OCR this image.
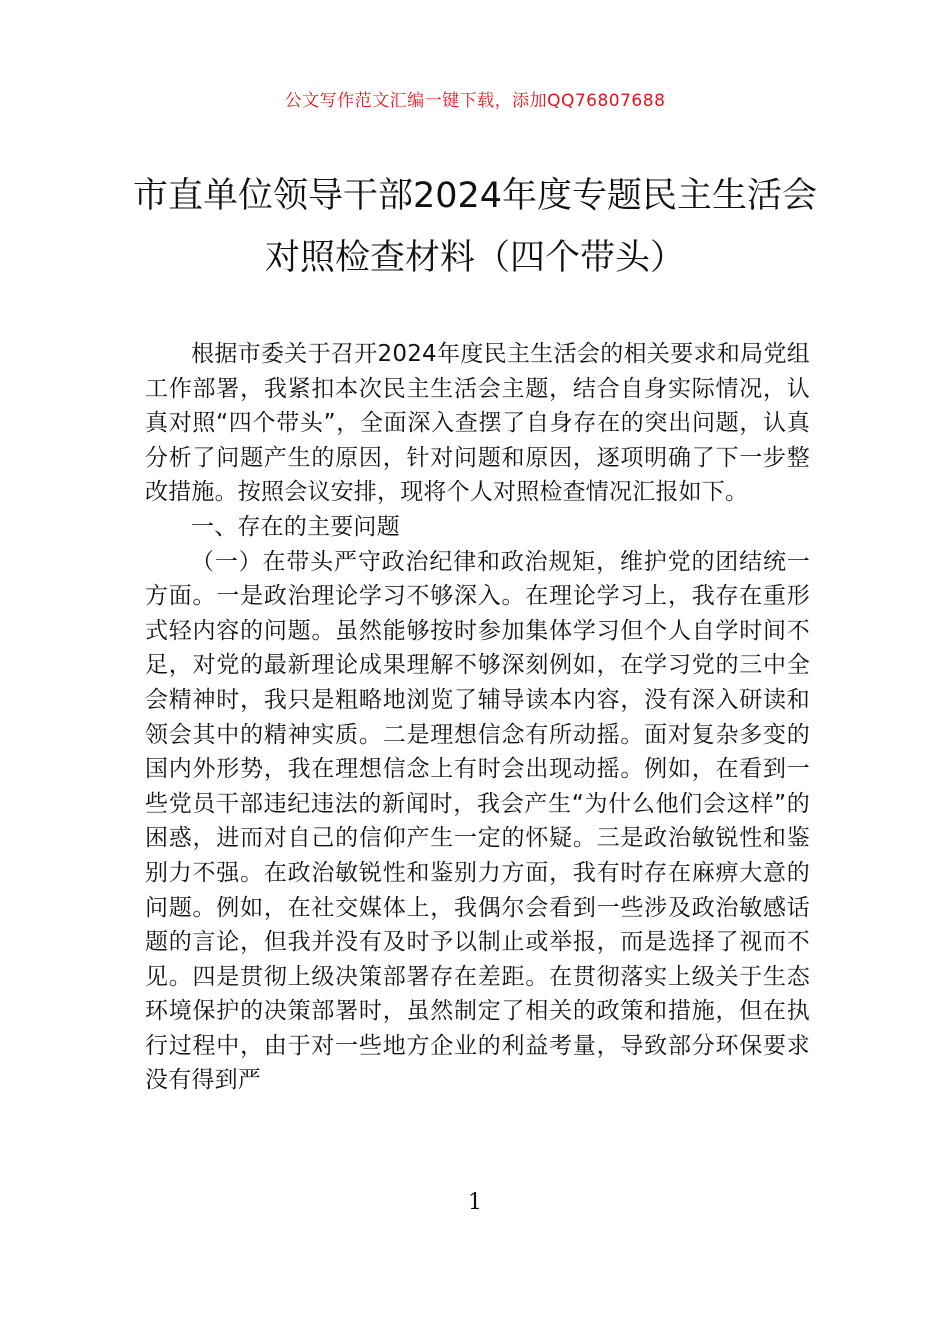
公文写作范文汇编一键下载，添加QQ76807688
市直单位领导干部2024年度专题民主生活会对照检查材料（四个带头）

根据市委关于召开2024年度民主生活会的相关要求和局党组工作部署，我紧扣本次民主生活会主题，结合自身实际情况，认真对照“四个带头”，全面深入查摆了自身存在的突出问题，认真分析了问题产生的原因，针对问题和原因，逐项明确了下一步整改措施。按照会议安排，现将个人对照检查情况汇报如下。

一、存在的主要问题

（一）在带头严守政治纪律和政治规矩，维护党的团结统一方面。一是政治理论学习不够深入。在理论学习上，我存在重形式轻内容的问题。虽然能够按时参加集体学习但个人自学时间不足，对党的最新理论成果理解不够深刻例如，在学习党的三中全会精神时，我只是粗略地浏览了辅导读本内容，没有深入研读和领会其中的精神实质。二是理想信念有所动摇。面对复杂多变的国内外形势，我在理想信念上有时会出现动摇。例如，在看到一些党员干部违纪违法的新闻时，我会产生“为什么他们会这样”的困惑，进而对自己的信仰产生一定的怀疑。三是政治敏锐性和鉴别力不强。在政治敏锐性和鉴别力方面，我有时存在麻痹大意的问题。例如，在社交媒体上，我偶尔会看到一些涉及政治敏感话题的言论，但我并没有及时予以制止或举报，而是选择了视而不见。四是贯彻上级决策部署存在差距。在贯彻落实上级关于生态环境保护的决策部署时，虽然制定了相关的政策和措施，但在执行过程中，由于对一些地方企业的利益考量，导致部分环保要求没有得到严

1
